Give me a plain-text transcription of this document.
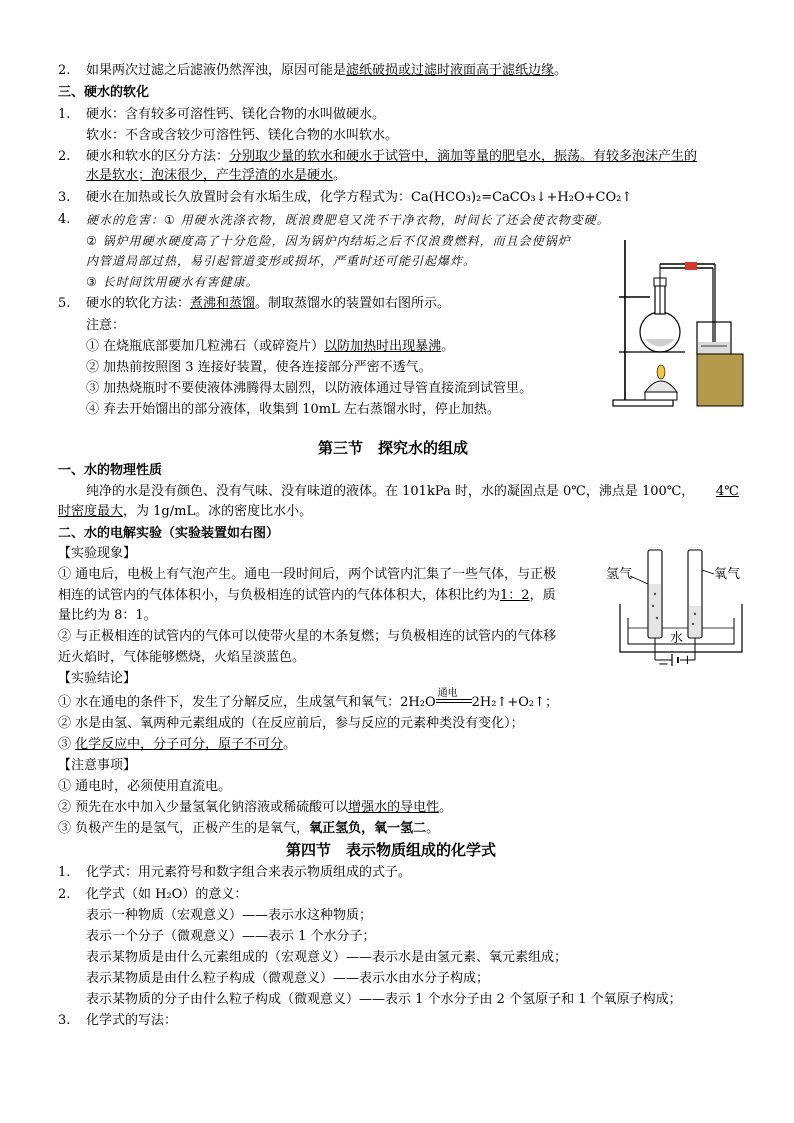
2. 如果两次过滤之后滤液仍然浑浊，原因可能是滤纸破损或过滤时液面高于滤纸边缘。
三、硬水的软化
1. 硬水：含有较多可溶性钙、镁化合物的水叫做硬水。
软水：不含或含较少可溶性钙、镁化合物的水叫软水。
2. 硬水和软水的区分方法：分别取少量的软水和硬水于试管中，滴加等量的肥皂水，振荡。有较多泡沫产生的
水是软水；泡沫很少，产生浮渣的水是硬水。
3. 硬水在加热或长久放置时会有水垢生成，化学方程式为：Ca(HCO₃)₂=CaCO₃↓+H₂O+CO₂↑
4. 硬水的危害：① 用硬水洗涤衣物，既浪费肥皂又洗不干净衣物，时间长了还会使衣物变硬。
② 锅炉用硬水硬度高了十分危险，因为锅炉内结垢之后不仅浪费燃料，而且会使锅炉
内管道局部过热，易引起管道变形或损坏，严重时还可能引起爆炸。
③ 长时间饮用硬水有害健康。
5. 硬水的软化方法：煮沸和蒸馏。制取蒸馏水的装置如右图所示。
注意：
① 在烧瓶底部要加几粒沸石（或碎瓷片）以防加热时出现暴沸。
② 加热前按照图 3 连接好装置，使各连接部分严密不透气。
③ 加热烧瓶时不要使液体沸腾得太剧烈，以防液体通过导管直接流到试管里。
④ 弃去开始馏出的部分液体，收集到 10mL 左右蒸馏水时，停止加热。
第三节　探究水的组成
一、水的物理性质
纯净的水是没有颜色、没有气味、没有味道的液体。在 101kPa 时，水的凝固点是 0℃，沸点是 100℃， 4℃
时密度最大，为 1g/mL。冰的密度比水小。
二、水的电解实验（实验装置如右图）
【实验现象】
① 通电后，电极上有气泡产生。通电一段时间后，两个试管内汇集了一些气体，与正极
相连的试管内的气体体积小，与负极相连的试管内的气体体积大，体积比约为1：2，质
量比约为 8：1。
② 与正极相连的试管内的气体可以使带火星的木条复燃；与负极相连的试管内的气体移
近火焰时，气体能够燃烧，火焰呈淡蓝色。
氢气	氧气
水
− +
【实验结论】
① 水在通电的条件下，发生了分解反应，生成氢气和氧气：2H₂O
通电
2H₂↑+O₂↑；
② 水是由氢、氧两种元素组成的（在反应前后，参与反应的元素种类没有变化）；
③ 化学反应中，分子可分，原子不可分。
【注意事项】
① 通电时，必须使用直流电。
② 预先在水中加入少量氢氧化钠溶液或稀硫酸可以增强水的导电性。
③ 负极产生的是氢气，正极产生的是氧气，氧正氢负，氧一氢二。
第四节　表示物质组成的化学式
1. 化学式：用元素符号和数字组合来表示物质组成的式子。
2. 化学式（如 H₂O）的意义：
表示一种物质（宏观意义）——表示水这种物质；
表示一个分子（微观意义）——表示 1 个水分子；
表示某物质是由什么元素组成的（宏观意义）——表示水是由氢元素、氧元素组成；
表示某物质是由什么粒子构成（微观意义）——表示水由水分子构成；
表示某物质的分子由什么粒子构成（微观意义）——表示 1 个水分子由 2 个氢原子和 1 个氧原子构成；
3. 化学式的写法：
